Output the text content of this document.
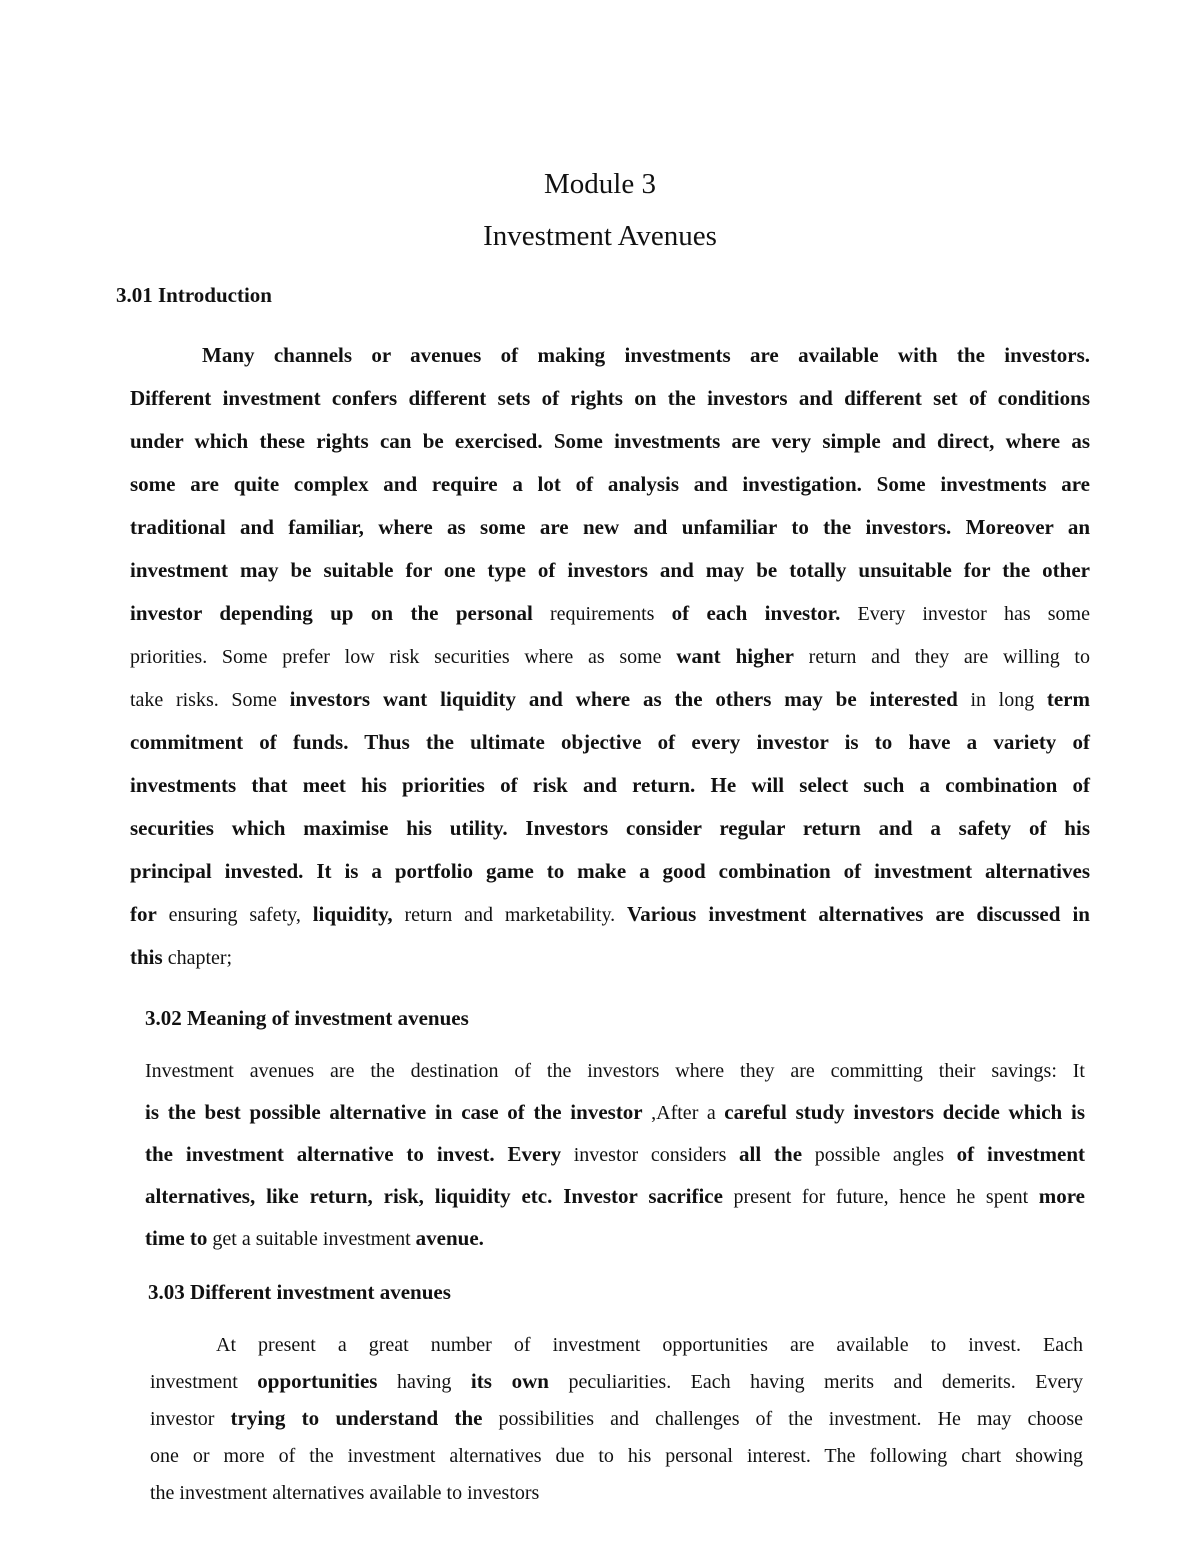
Module 3
Investment Avenues
3.01 Introduction
Many channels or avenues of making investments are available with the investors.
Different investment confers different sets of rights on the investors and different set of conditions
under which these rights can be exercised. Some investments are very simple and direct, where as
some are quite complex and require a lot of analysis and investigation. Some investments are
traditional and familiar, where as some are new and unfamiliar to the investors. Moreover an
investment may be suitable for one type of investors and may be totally unsuitable for the other
investor depending up on the personal requirements of each investor. Every investor has some
priorities. Some prefer low risk securities where as some want higher return and they are willing to
take risks. Some investors want liquidity and where as the others may be interested in long term
commitment of funds. Thus the ultimate objective of every investor is to have a variety of
investments that meet his priorities of risk and return. He will select such a combination of
securities which maximise his utility. Investors consider regular return and a safety of his
principal invested. It is a portfolio game to make a good combination of investment alternatives
for ensuring safety, liquidity, return and marketability. Various investment alternatives are discussed in
this chapter;
3.02 Meaning of investment avenues
Investment avenues are the destination of the investors where they are committing their savings: It
is the best possible alternative in case of the investor ,After a careful study investors decide which is
the investment alternative to invest. Every investor considers all the possible angles of investment
alternatives, like return, risk, liquidity etc. Investor sacrifice present for future, hence he spent more
time to get a suitable investment avenue.
3.03 Different investment avenues
At present a great number of investment opportunities are available to invest. Each
investment opportunities having its own peculiarities. Each having merits and demerits. Every
investor trying to understand the possibilities and challenges of the investment. He may choose
one or more of the investment alternatives due to his personal interest. The following chart showing
the investment alternatives available to investors
